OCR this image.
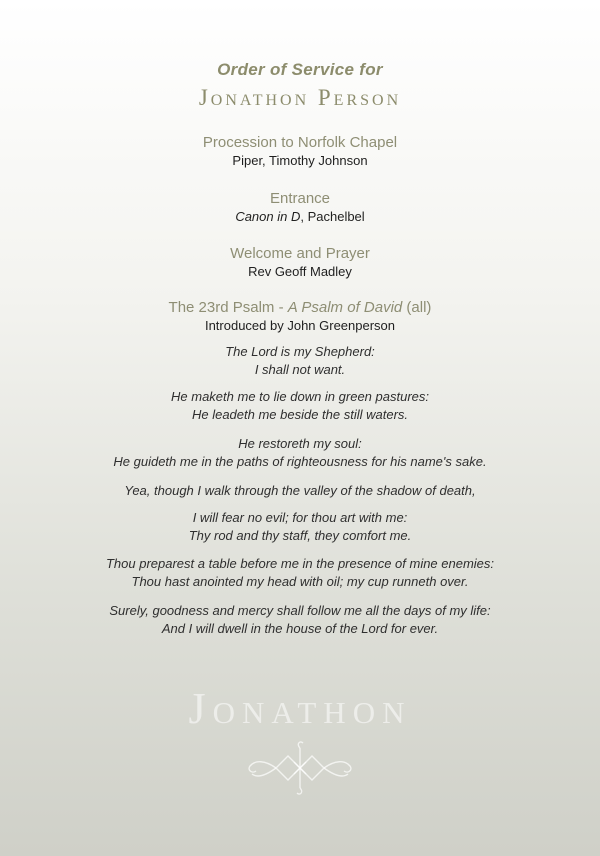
Order of Service for
Jonathon Person
Procession to Norfolk Chapel
Piper, Timothy Johnson
Entrance
Canon in D, Pachelbel
Welcome and Prayer
Rev Geoff Madley
The 23rd Psalm - A Psalm of David (all)
Introduced by John Greenperson
The Lord is my Shepherd:
I shall not want.
He maketh me to lie down in green pastures:
He leadeth me beside the still waters.
He restoreth my soul:
He guideth me in the paths of righteousness for his name's sake.
Yea, though I walk through the valley of the shadow of death,
I will fear no evil; for thou art with me:
Thy rod and thy staff, they comfort me.
Thou preparest a table before me in the presence of mine enemies:
Thou hast anointed my head with oil; my cup runneth over.
Surely, goodness and mercy shall follow me all the days of my life:
And I will dwell in the house of the Lord for ever.
Jonathon
